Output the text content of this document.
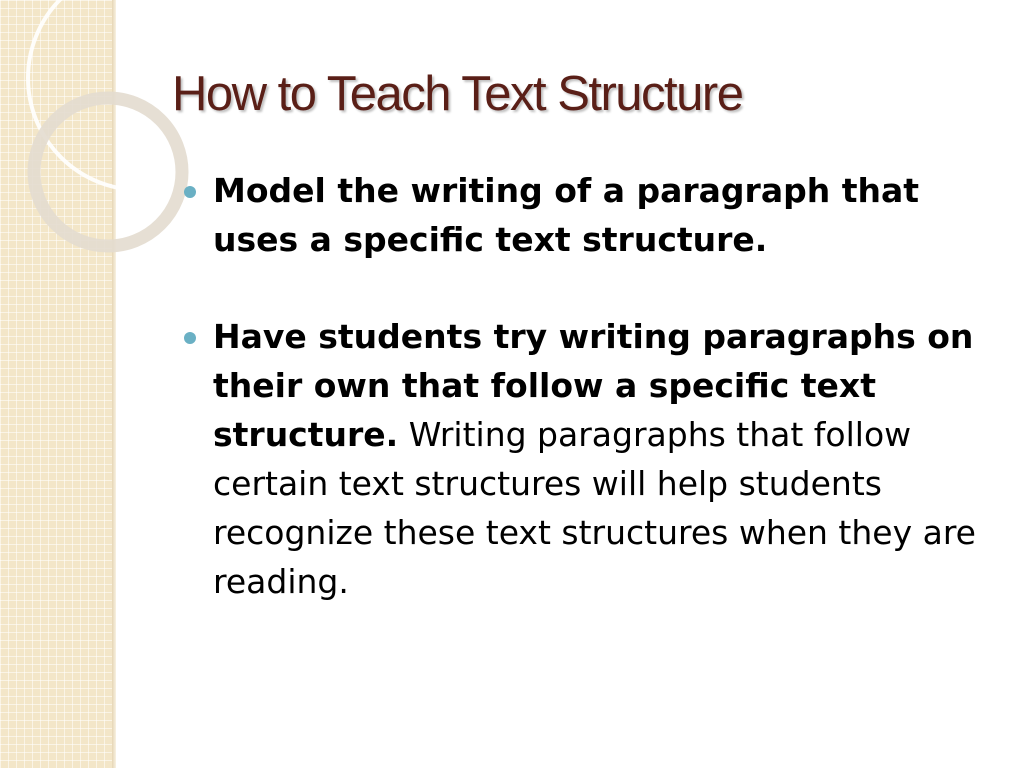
How to Teach Text Structure
Model the writing of a paragraph that uses a specific text structure.
Have students try writing paragraphs on their own that follow a specific text structure. Writing paragraphs that follow certain text structures will help students recognize these text structures when they are reading.
